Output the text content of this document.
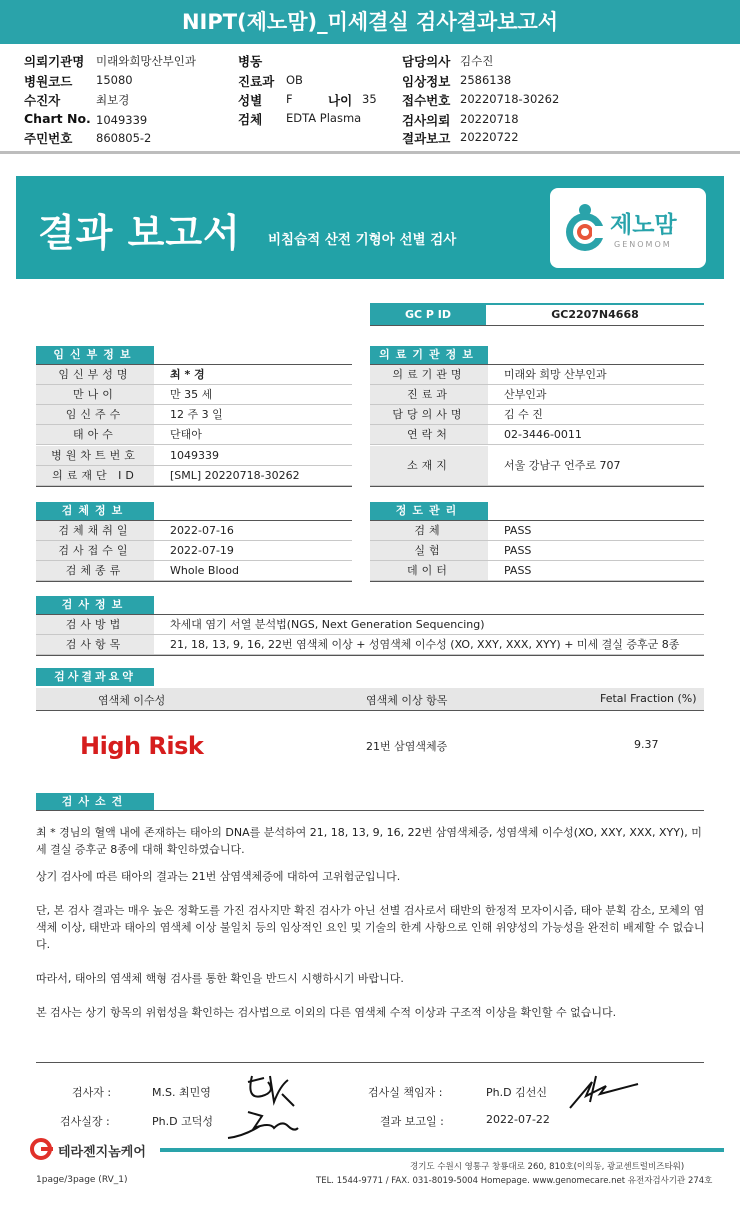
NIPT(제노맘)_미세결실 검사결과보고서
의뢰기관명 미래와희망산부인과
병원코드 15080
수진자	최보경
Chart No. 1049339
주민번호 860805-2
병동
진료과 OB
성별 F	나이 35
검체 EDTA Plasma
담당의사 김수진
임상정보 2586138
접수번호 20220718-30262
검사의뢰 20220718
결과보고 20220722
결과 보고서 비침습적 산전 기형아 선별 검사
제노맘
GENOMOM
GC P ID	GC2207N4668
임신부정보
임신부성명	최 * 경
만나이	만 35 세
임신주수	12 주 3 일
태아수	단태아
병원차트번호	1049339
의료재단 ID	[SML] 20220718-30262
의료기관정보
의료기관명	미래와 희망 산부인과
진료과	산부인과
담당의사명	김 수 진
연락처	02-3446-0011
소재지	서울 강남구 언주로 707
검체정보
검체채취일	2022-07-16
검사접수일	2022-07-19
검체종류	Whole Blood
정도관리
검체	PASS
실험	PASS
데이터	PASS
검사정보
검사방법	차세대 염기 서열 분석법(NGS, Next Generation Sequencing)
검사항목	21, 18, 13, 9, 16, 22번 염색체 이상 + 성염색체 이수성 (XO, XXY, XXX, XYY) + 미세 결실 증후군 8종
검사결과요약
염색체 이수성	염색체 이상 항목	Fetal Fraction (%)
High Risk	21번 삼염색체증	9.37
검사소견
최 * 경님의 혈액 내에 존재하는 태아의 DNA를 분석하여 21, 18, 13, 9, 16, 22번 삼염색체증, 성염색체 이수성(XO, XXY, XXX, XYY), 미세 결실 증후군 8종에 대해 확인하였습니다.
상기 검사에 따른 태아의 결과는 21번 삼염색체증에 대하여 고위험군입니다.
단, 본 검사 결과는 매우 높은 정확도를 가진 검사지만 확진 검사가 아닌 선별 검사로서 태반의 한정적 모자이시즘, 태아 분획 감소, 모체의 염색체 이상, 태반과 태아의 염색체 이상 불일치 등의 임상적인 요인 및 기술의 한계 사항으로 인해 위양성의 가능성을 완전히 배제할 수 없습니다.
따라서, 태아의 염색체 핵형 검사를 통한 확인을 반드시 시행하시기 바랍니다.
본 검사는 상기 항목의 위험성을 확인하는 검사법으로 이외의 다른 염색체 수적 이상과 구조적 이상을 확인할 수 없습니다.
검사자 :	M.S. 최민영	검사실 책임자 :	Ph.D 김선신
검사실장 :	Ph.D 고덕성	결과 보고일 :	2022-07-22
테라젠지놈케어
경기도 수원시 영통구 창룡대로 260, 810호(이의동, 광교센트럴비즈타워)
TEL. 1544-9771 / FAX. 031-8019-5004 Homepage. www.genomecare.net 유전자검사기관 274호
1page/3page (RV_1)
